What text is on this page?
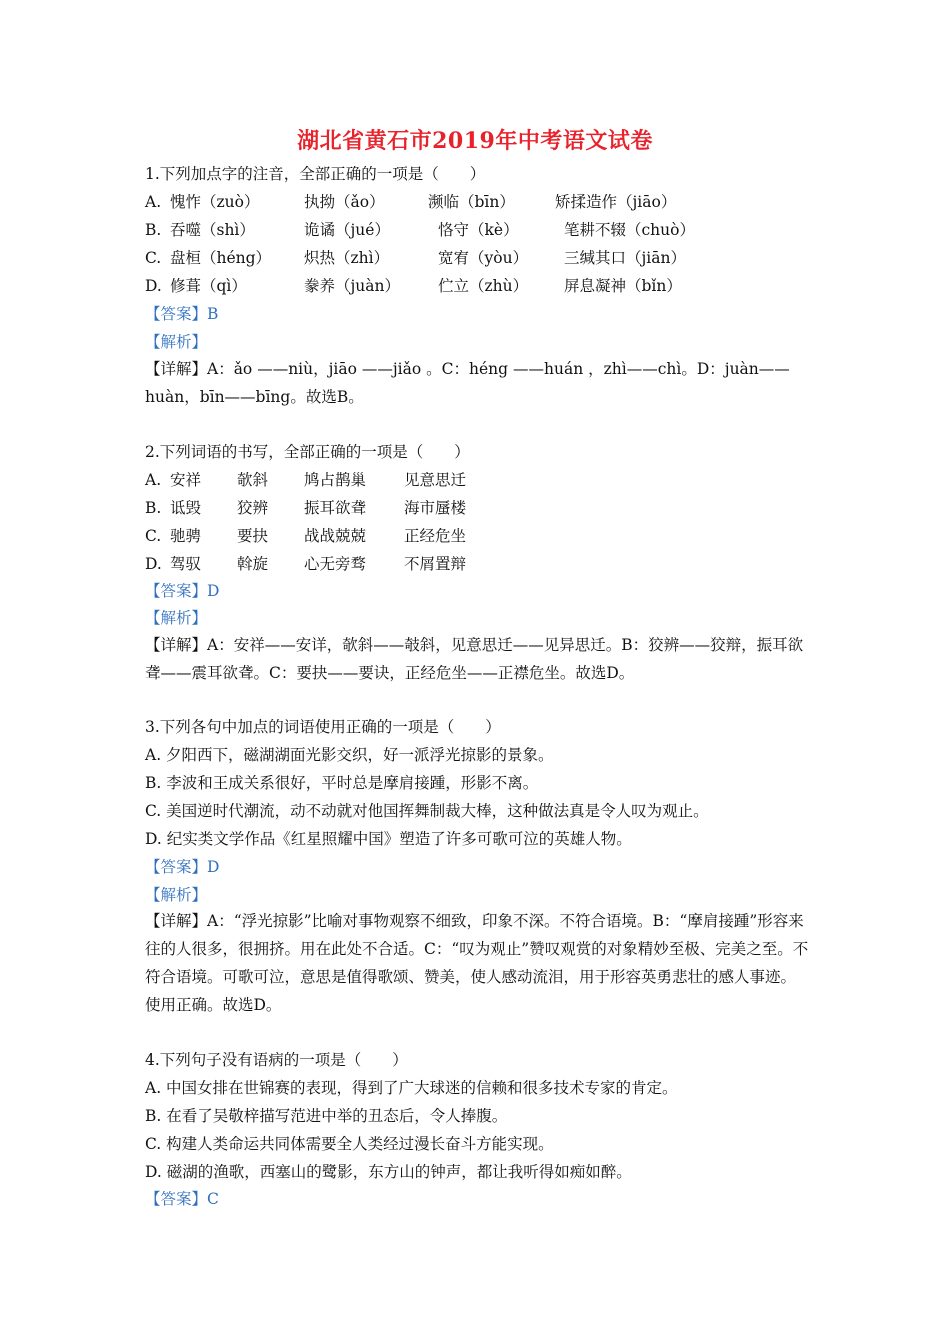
湖北省黄石市2019年中考语文试卷
1.下列加点字的注音，全部正确的一项是（　　）
A. 愧怍（zuò）	执拗（ǎo）	濒临（bīn）	矫揉造作（jiāo）
B. 吞噬（shì）	诡谲（jué）	恪守（kè）	笔耕不辍（chuò）
C. 盘桓（héng） 炽热（zhì）	宽宥（yòu） 三缄其口（jiān）
D. 修葺（qì）	豢养（juàn） 伫立（zhù） 屏息凝神（bǐn）
【答案】B
【解析】
【详解】A：ǎo ——niù，jiāo ——jiǎo 。C：héng ——huán ，zhì——chì。D：juàn——huàn，bīn——bīng。故选B。
2.下列词语的书写，全部正确的一项是（　　）
A. 安祥 欹斜 鸠占鹊巢 见意思迁
B. 诋毁 狡辨 振耳欲聋 海市蜃楼
C. 驰骋 要抉 战战兢兢 正经危坐
D. 驾驭 斡旋 心无旁骛 不屑置辩
【答案】D
【解析】
【详解】A：安祥——安详，欹斜——攲斜，见意思迁——见异思迁。B：狡辨——狡辩，振耳欲聋——震耳欲聋。C：要抉——要诀，正经危坐——正襟危坐。故选D。
3.下列各句中加点的词语使用正确的一项是（　　）
A. 夕阳西下，磁湖湖面光影交织，好一派浮光掠影的景象。
B. 李波和王成关系很好，平时总是摩肩接踵，形影不离。
C. 美国逆时代潮流，动不动就对他国挥舞制裁大棒，这种做法真是令人叹为观止。
D. 纪实类文学作品《红星照耀中国》塑造了许多可歌可泣的英雄人物。
【答案】D
【解析】
【详解】A：“浮光掠影”比喻对事物观察不细致，印象不深。不符合语境。B：“摩肩接踵”形容来往的人很多，很拥挤。用在此处不合适。C：“叹为观止”赞叹观赏的对象精妙至极、完美之至。不符合语境。可歌可泣，意思是值得歌颂、赞美，使人感动流泪，用于形容英勇悲壮的感人事迹。使用正确。故选D。
4.下列句子没有语病的一项是（　　）
A. 中国女排在世锦赛的表现，得到了广大球迷的信赖和很多技术专家的肯定。
B. 在看了吴敬梓描写范进中举的丑态后，令人捧腹。
C. 构建人类命运共同体需要全人类经过漫长奋斗方能实现。
D. 磁湖的渔歌，西塞山的鹭影，东方山的钟声，都让我听得如痴如醉。
【答案】C
